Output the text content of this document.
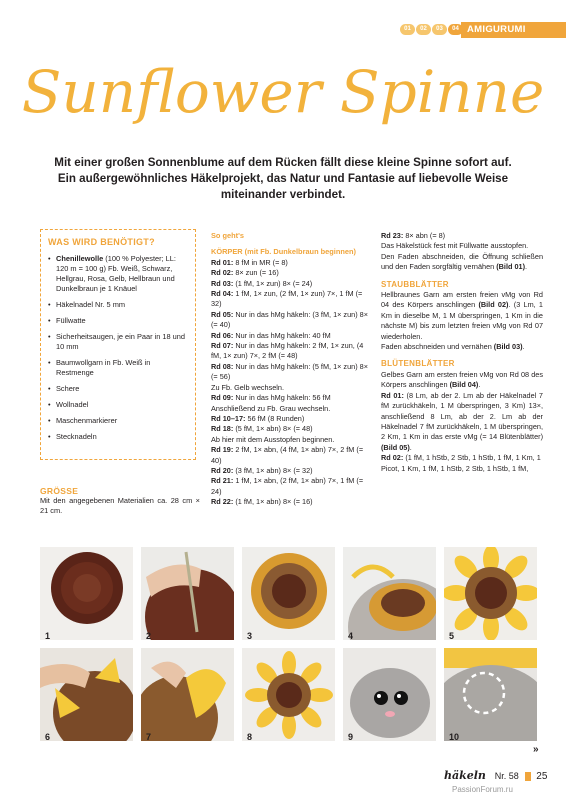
01	02	03	04 AMIGURUMI
Sunflower Spinne
Mit einer großen Sonnenblume auf dem Rücken fällt diese kleine Spinne sofort auf.
Ein außergewöhnliches Häkelprojekt, das Natur und Fantasie auf liebevolle Weise
miteinander verbindet.
WAS WIRD BENÖTIGT?
• Chenillewolle (100 % Polyester; LL: 120 m = 100 g) Fb. Weiß, Schwarz, Hellgrau, Rosa, Gelb, Hellbraun und Dunkelbraun je 1 Knäuel
• Häkelnadel Nr. 5 mm
• Füllwatte
• Sicherheitsaugen, je ein Paar in 18 und 10 mm
• Baumwollgarn in Fb. Weiß in Restmenge
• Schere
• Wollnadel
• Maschenmarkierer
• Stecknadeln
GRÖSSE
Mit den angegebenen Materialien ca. 28 cm × 21 cm.

So geht's

KÖRPER (mit Fb. Dunkelbraun beginnen)

Rd 01: 8 fM in MR (= 8)

Rd 02: 8× zun (= 16)

Rd 03: (1 fM, 1× zun) 8× (= 24)

Rd 04: 1 fM, 1× zun, (2 fM, 1× zun) 7×, 1 fM (= 32)

Rd 05: Nur in das hMg häkeln: (3 fM, 1× zun) 8× (= 40)

Rd 06: Nur in das hMg häkeln: 40 fM

Rd 07: Nur in das hMg häkeln: 2 fM, 1× zun, (4 fM, 1× zun) 7×, 2 fM (= 48)

Rd 08: Nur in das hMg häkeln: (5 fM, 1× zun) 8× (= 56)

Zu Fb. Gelb wechseln.

Rd 09: Nur in das hMg häkeln: 56 fM

Anschließend zu Fb. Grau wechseln.

Rd 10–17: 56 fM (8 Runden)

Rd 18: (5 fM, 1× abn) 8× (= 48)

Ab hier mit dem Ausstopfen beginnen.

Rd 19: 2 fM, 1× abn, (4 fM, 1× abn) 7×, 2 fM (= 40)

Rd 20: (3 fM, 1× abn) 8× (= 32)

Rd 21: 1 fM, 1× abn, (2 fM, 1× abn) 7×, 1 fM (= 24)

Rd 22: (1 fM, 1× abn) 8× (= 16)

Rd 23: 8× abn (= 8)

Das Häkelstück fest mit Füllwatte ausstopfen.

Den Faden abschneiden, die Öffnung schließen und den Faden sorgfältig vernähen (Bild 01).

STAUBBLÄTTER

Hellbraunes Garn am ersten freien vMg von Rd 04 des Körpers anschlingen (Bild 02). (3 Lm, 1 Km in dieselbe M, 1 M überspringen, 1 Km in die nächste M) bis zum letzten freien vMg von Rd 07 wiederholen.

Faden abschneiden und vernähen (Bild 03).

BLÜTENBLÄTTER

Gelbes Garn am ersten freien vMg von Rd 08 des Körpers anschlingen (Bild 04).

Rd 01: (8 Lm, ab der 2. Lm ab der Häkelnadel 7 fM zurückhäkeln, 1 M überspringen, 3 Km) 13×, anschließend 8 Lm, ab der 2. Lm ab der Häkelnadel 7 fM zurückhäkeln, 1 M überspringen, 2 Km, 1 Km in das erste vMg (= 14 Blütenblätter) (Bild 05).

Rd 02: (1 fM, 1 hStb, 2 Stb, 1 hStb, 1 fM, 1 Km, 1 Picot, 1 Km, 1 fM, 1 hStb, 2 Stb, 1 hStb, 1 fM,

1	2	3	4	5
6	7	8	9	10
»
häkeln Nr. 58 25
PassionForum.ru
